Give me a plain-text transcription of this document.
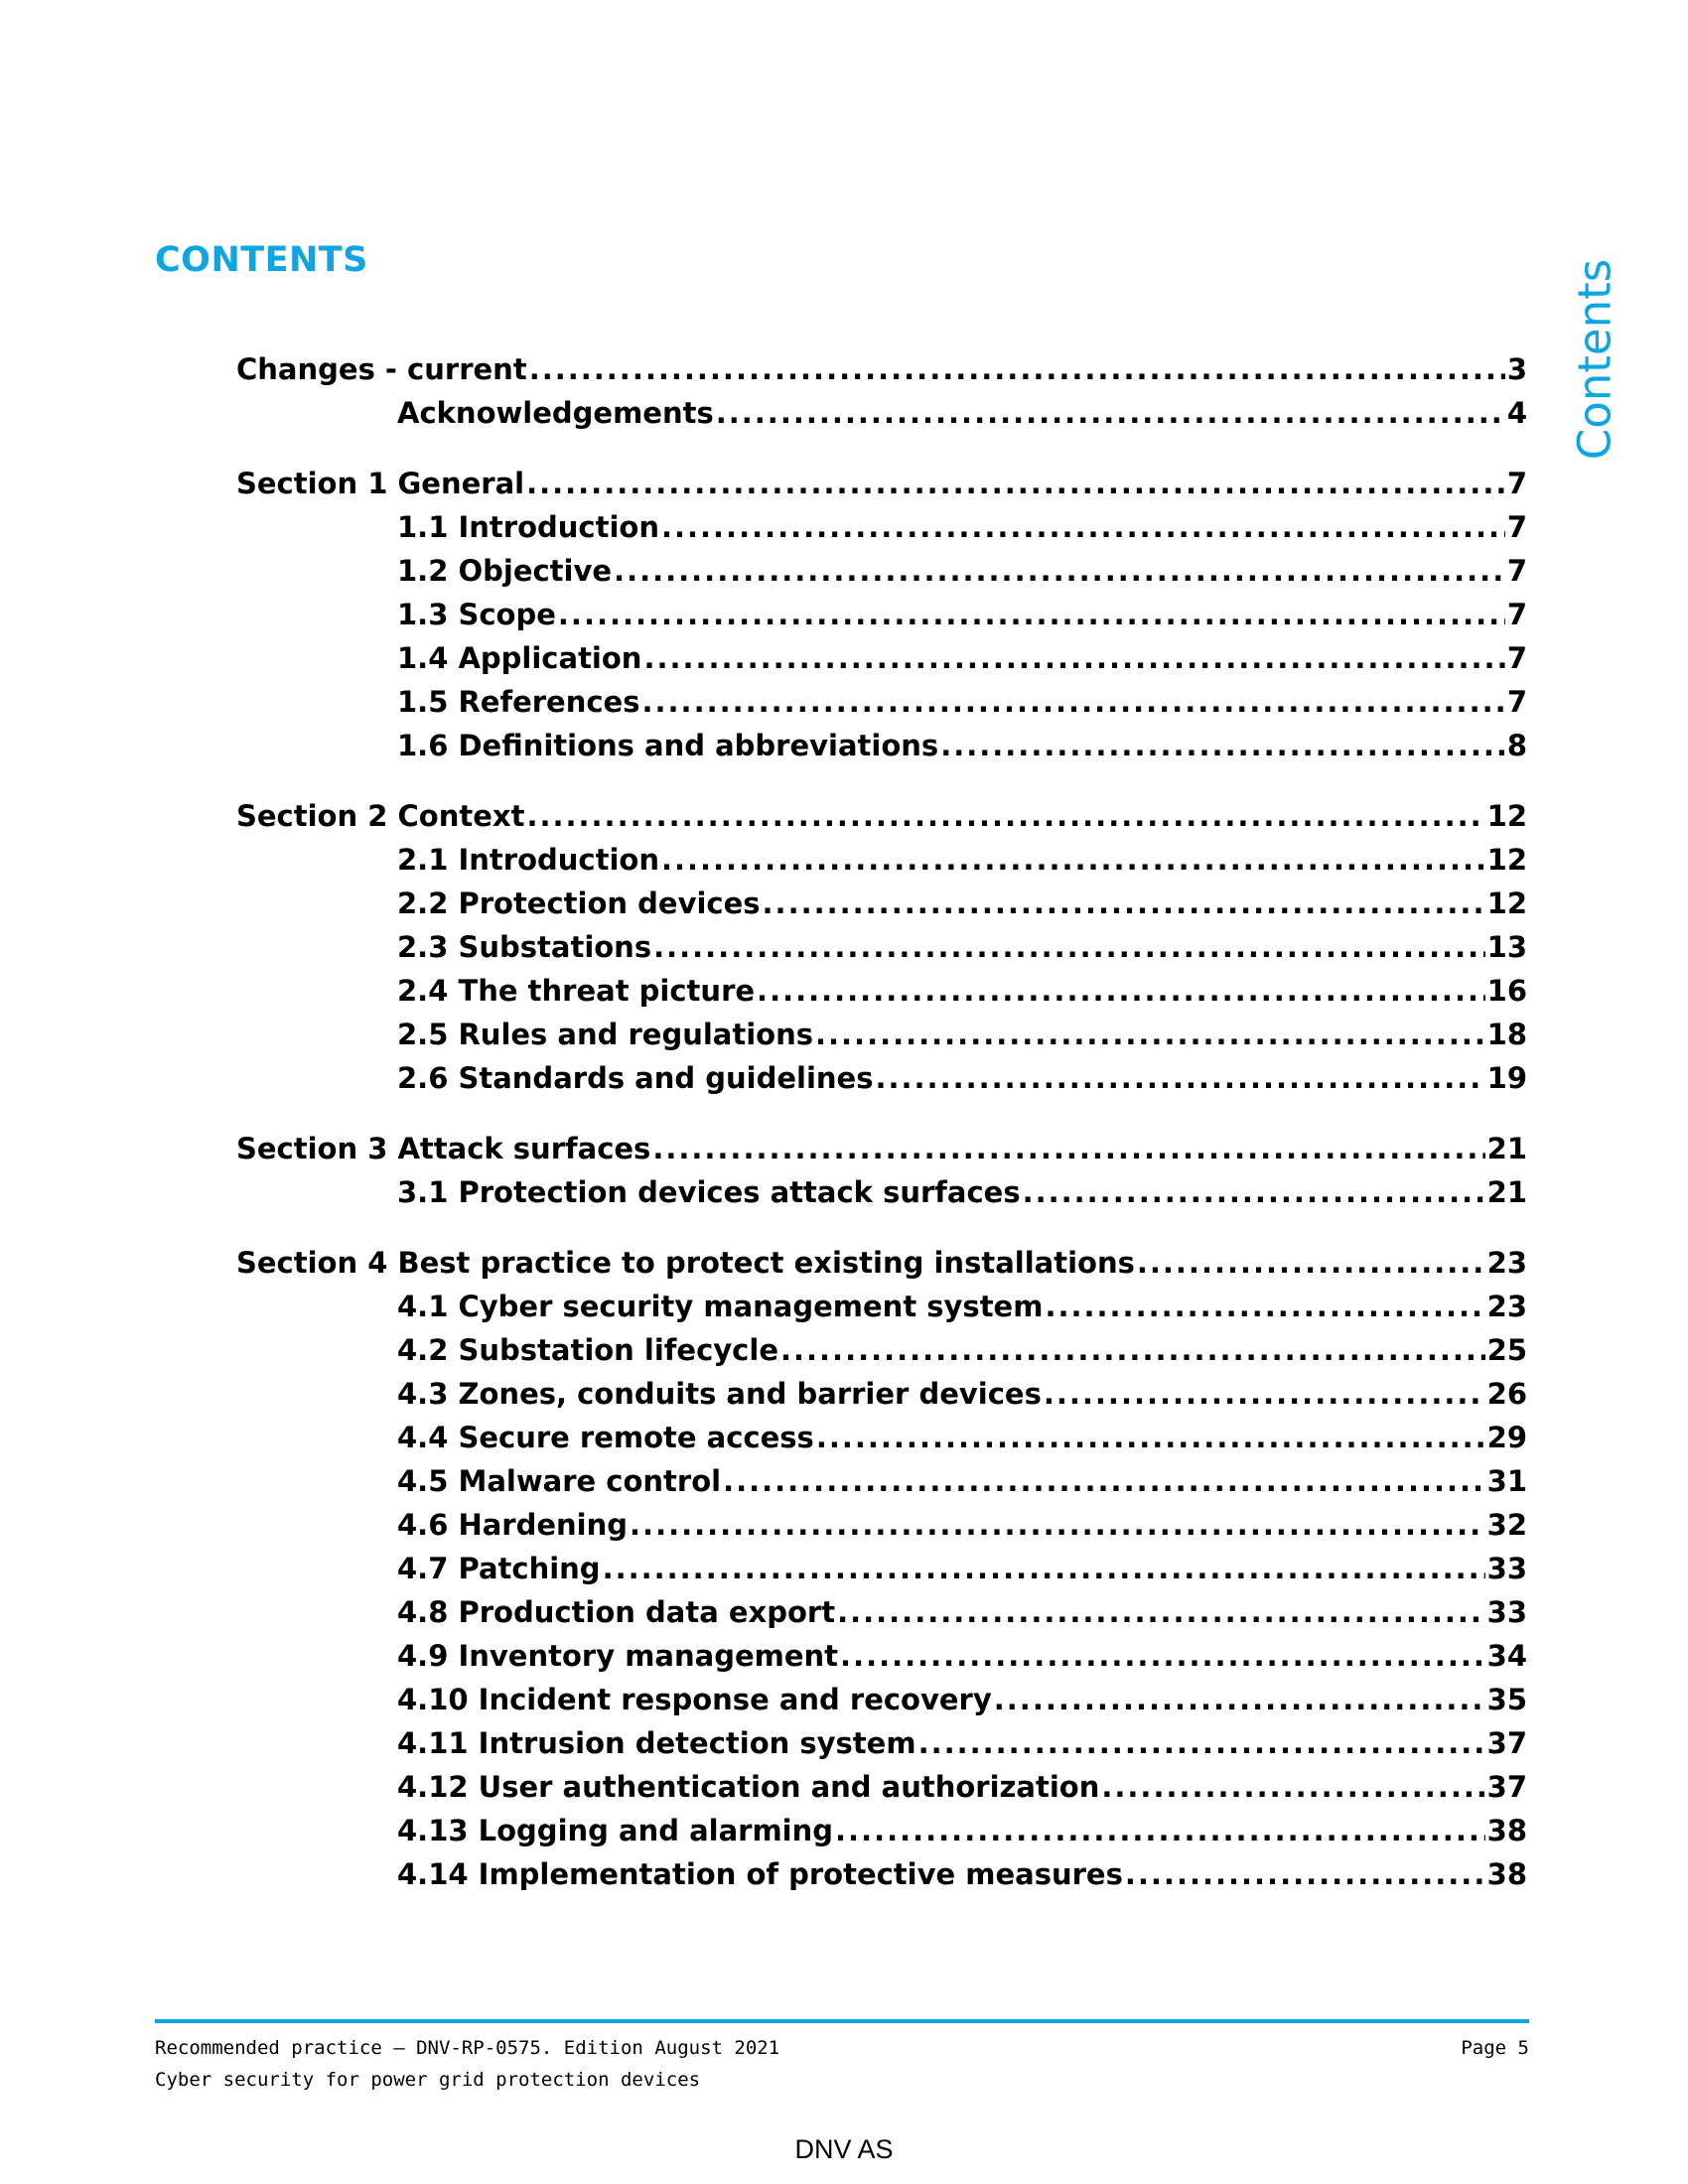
CONTENTS	Contents
Changes - current .....	3
Acknowledgements .....	4
Section 1 General .....	7
1.1 Introduction .....	7
1.2 Objective .....	7
1.3 Scope .....	7
1.4 Application .....	7
1.5 References .....	7
1.6 Definitions and abbreviations .....	8
Section 2 Context .....	12
2.1 Introduction .....	12
2.2 Protection devices .....	12
2.3 Substations .....	13
2.4 The threat picture .....	16
2.5 Rules and regulations .....	18
2.6 Standards and guidelines .....	19
Section 3 Attack surfaces .....	21
3.1 Protection devices attack surfaces .....	21
Section 4 Best practice to protect existing installations .....	23
4.1 Cyber security management system .....	23
4.2 Substation lifecycle .....	25
4.3 Zones, conduits and barrier devices .....	26
4.4 Secure remote access .....	29
4.5 Malware control .....	31
4.6 Hardening .....	32
4.7 Patching .....	33
4.8 Production data export .....	33
4.9 Inventory management .....	34
4.10 Incident response and recovery .....	35
4.11 Intrusion detection system .....	37
4.12 User authentication and authorization .....	37
4.13 Logging and alarming .....	38
4.14 Implementation of protective measures .....	38
Recommended practice — DNV-RP-0575. Edition August 2021	Page 5
Cyber security for power grid protection devices
DNV AS
